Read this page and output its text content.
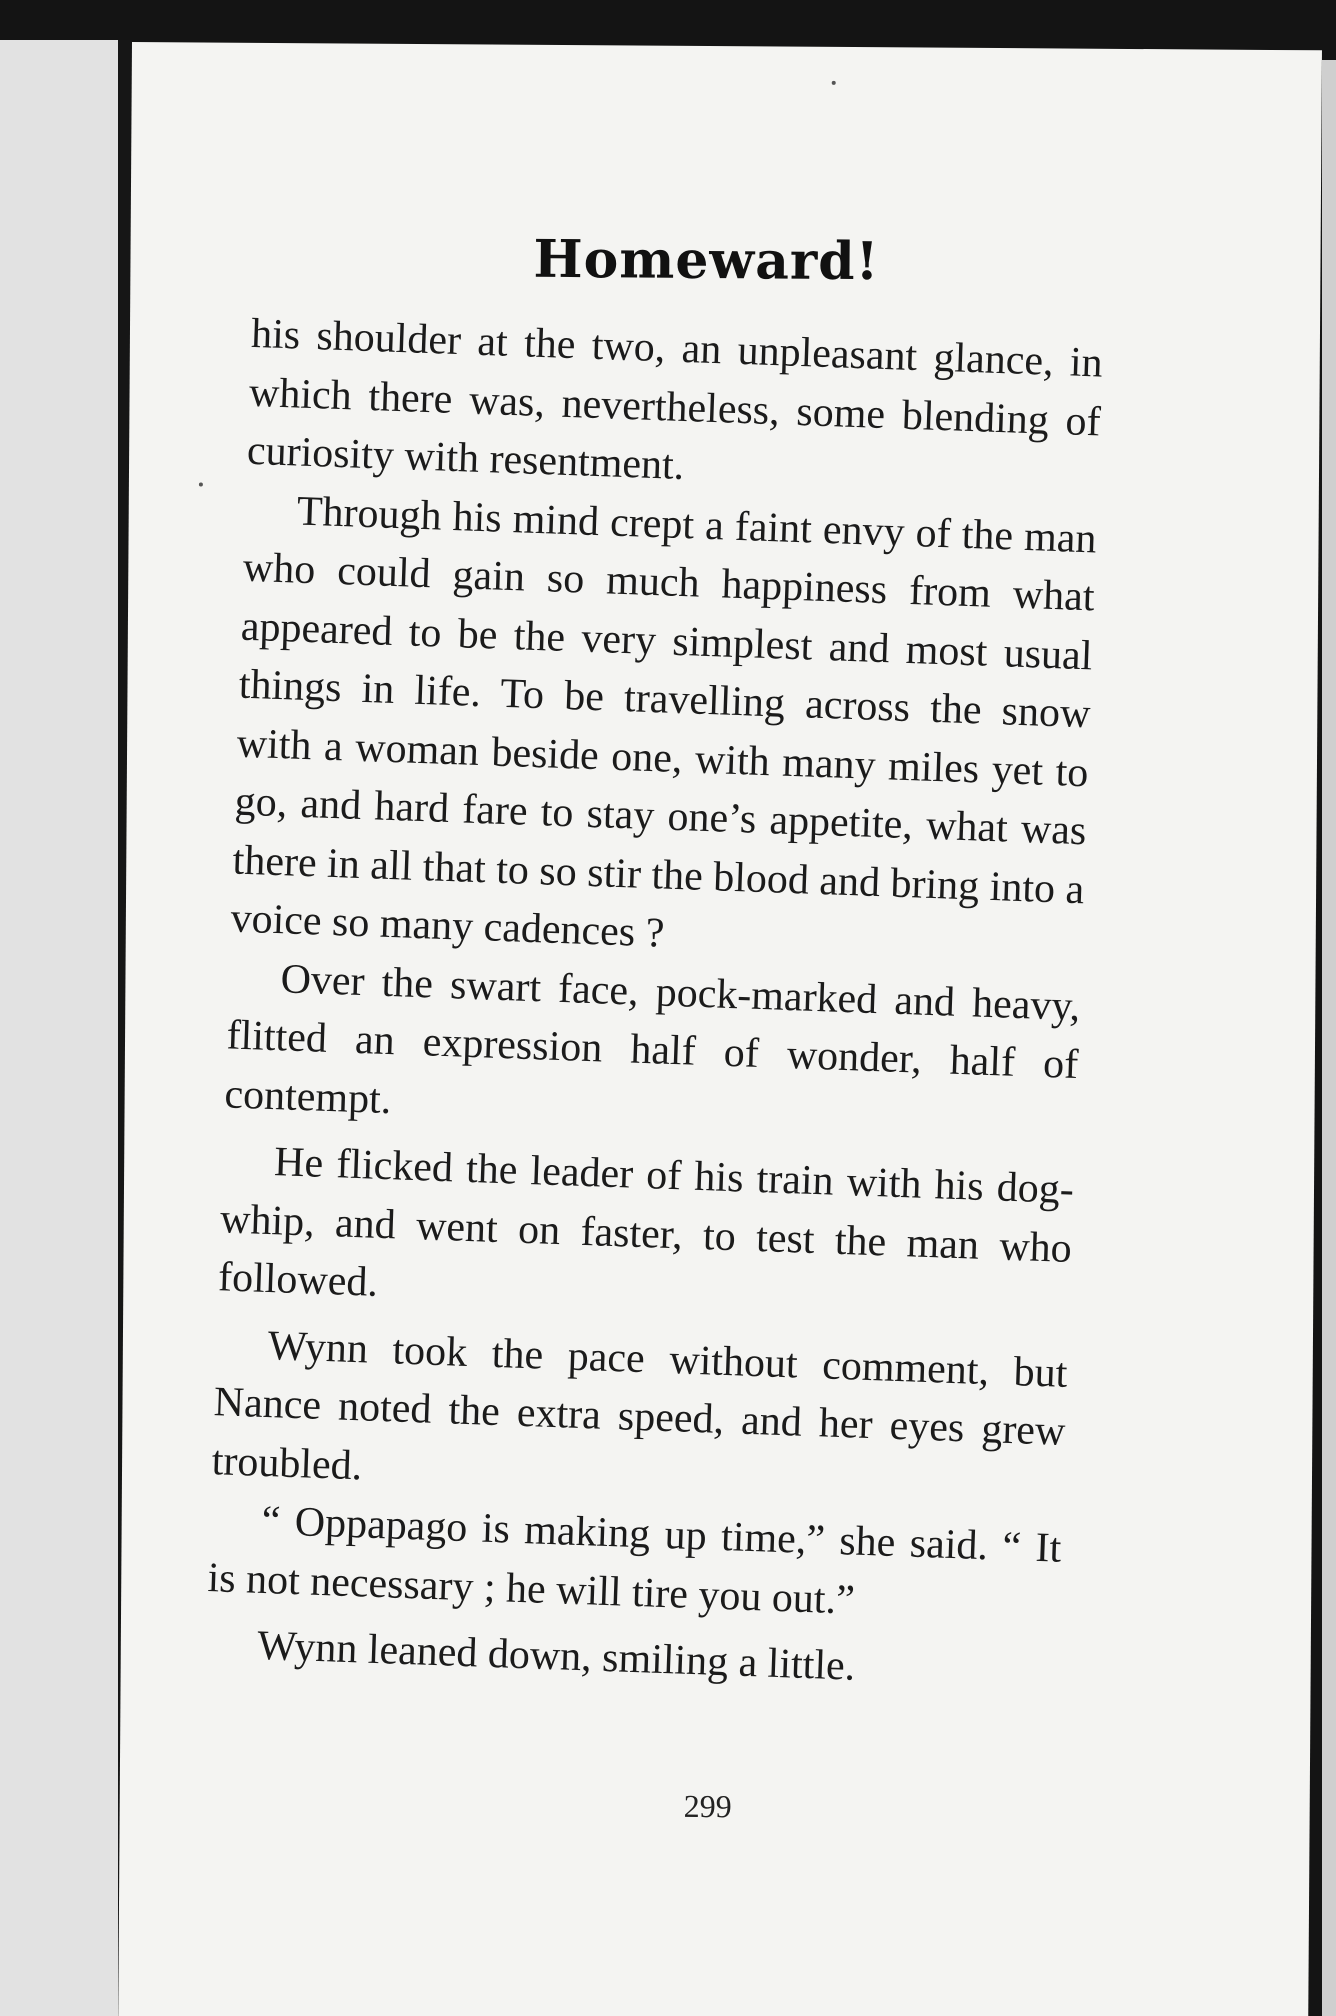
Homeward!

his shoulder at the two, an unpleasant glance, in which there was, nevertheless, some blending of curiosity with resentment.

Through his mind crept a faint envy of the man who could gain so much happiness from what appeared to be the very simplest and most usual things in life. To be travelling across the snow with a woman beside one, with many miles yet to go, and hard fare to stay one’s appetite, what was there in all that to so stir the blood and bring into a voice so many cadences ?

Over the swart face, pock-marked and heavy, flitted an expression half of wonder, half of contempt.

He flicked the leader of his train with his dog-whip, and went on faster, to test the man who followed.

Wynn took the pace without comment, but Nance noted the extra speed, and her eyes grew troubled.

“ Oppapago is making up time,” she said. “ It is not necessary ; he will tire you out.”

Wynn leaned down, smiling a little.

299
